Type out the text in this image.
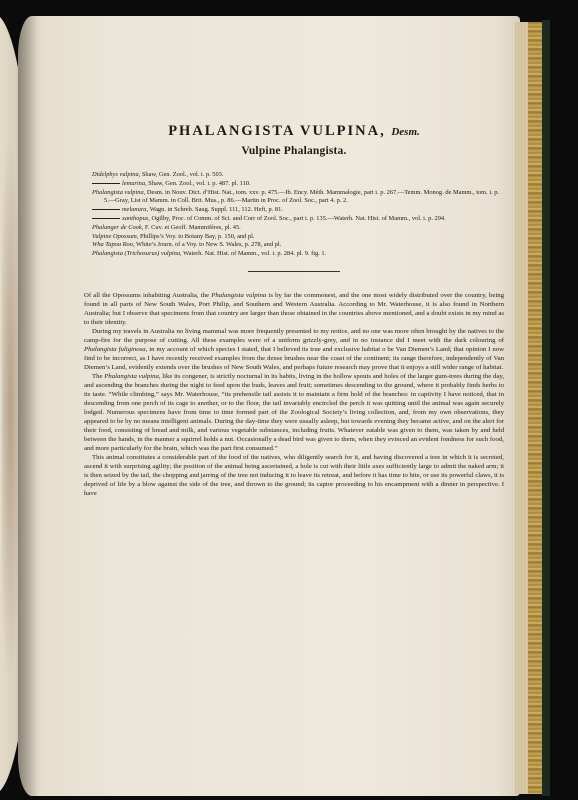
PHALANGISTA VULPINA, Desm.
Vulpine Phalangista.
Didelphys vulpina, Shaw, Gen. Zool., vol. i. p. 503.
lemurina, Shaw, Gen. Zool., vol. i. p. 487. pl. 110.
Phalangista vulpina, Desm. in Nouv. Dict. d’Hist. Nat., tom. xxv. p. 475.—Ib. Ency. Méth. Mammalogie, part i. p. 267.—Temm. Monog. de Mamm., tom. i. p. 5.—Gray, List of Mamm. in Coll. Brit. Mus., p. 86.—Martin in Proc. of Zool. Soc., part 4. p. 2.
melanura, Wagn. in Schreb. Saug. Suppl. 111, 112. Heft, p. 81.
xanthopus, Ogilby, Proc. of Comm. of Sci. and Corr of Zool. Soc., part i. p. 135.—Waterh. Nat. Hist. of Mamm., vol. i. p. 294.
Phalanger de Cook, F. Cuv. et Geoff. Mammifères, pl. 45.
Vulpine Opossum, Phillips’s Voy. to Botany Bay, p. 150, and pl.
Wha Tapoa Roo, White’s Journ. of a Voy. to New S. Wales, p. 278, and pl.
Phalangista (Trichosurus) vulpina, Waterh. Nat. Hist. of Mamm., vol. i. p. 284. pl. 9. fig. 1.

Of all the Opossums inhabiting Australia, the Phalangista vulpina is by far the commonest, and the one most widely distributed over the country, being found in all parts of New South Wales, Port Philip, and Southern and Western Australia. According to Mr. Waterhouse, it is also found in Northern Australia; but I observe that specimens from that country are larger than those obtained in the countries above mentioned, and a doubt exists in my mind as to their identity.

During my travels in Australia no living mammal was more frequently presented to my notice, and no one was more often brought by the natives to the camp-fire for the purpose of cutting. All these examples were of a uniform grizzly-grey, and in no instance did I meet with the dark colouring of Phalangista fuliginosa, in my account of which species I stated, that I believed its true and exclusive habitat o be Van Diemen’s Land; that opinion I now find to be incorrect, as I have recently received examples from the dense brushes near the coast of the continent; its range therefore, independently of Van Diemen’s Land, evidently extends over the brushes of New South Wales, and perhaps future research may prove that it enjoys a still wider range of habitat.

The Phalangista vulpina, like its congener, is strictly nocturnal in its habits, living in the hollow spouts and holes of the larger gum-trees during the day, and ascending the branches during the night to feed upon the buds, leaves and fruit; sometimes descending to the ground, where it probably finds herbs to its taste. “While climbing,” says Mr. Waterhouse, “its prehensile tail assists it to maintain a firm hold of the branches: in captivity I have noticed, that in descending from one perch of its cage to another, or to the floor, the tail invariably encircled the perch it was quitting until the animal was again securely lodged. Numerous specimens have from time to time formed part of the Zoological Society’s living collection, and, from my own observations, they appeared to be by no means intelligent animals. During the day-time they were usually asleep, but towards evening they became active, and on the alert for their food, consisting of bread and milk, and various vegetable substances, including fruits. Whatever eatable was given to them, was taken by and held between the hands, in the manner a squirrel holds a nut. Occasionally a dead bird was given to them, when they evinced an evident fondness for such food, and more particularly for the brain, which was the part first consumed.”

This animal constitutes a considerable part of the food of the natives, who diligently search for it, and having discovered a tree in which it is secreted, ascend it with surprising agility; the position of the animal being ascertained, a hole is cut with their little axes sufficiently large to admit the naked arm; it is then seized by the tail, the chopping and jarring of the tree not inducing it to leave its retreat, and before it has time to bite, or use its powerful claws, it is deprived of life by a blow against the side of the tree, and thrown to the ground; its captor proceeding to his encampment with a dinner in perspective. I have
